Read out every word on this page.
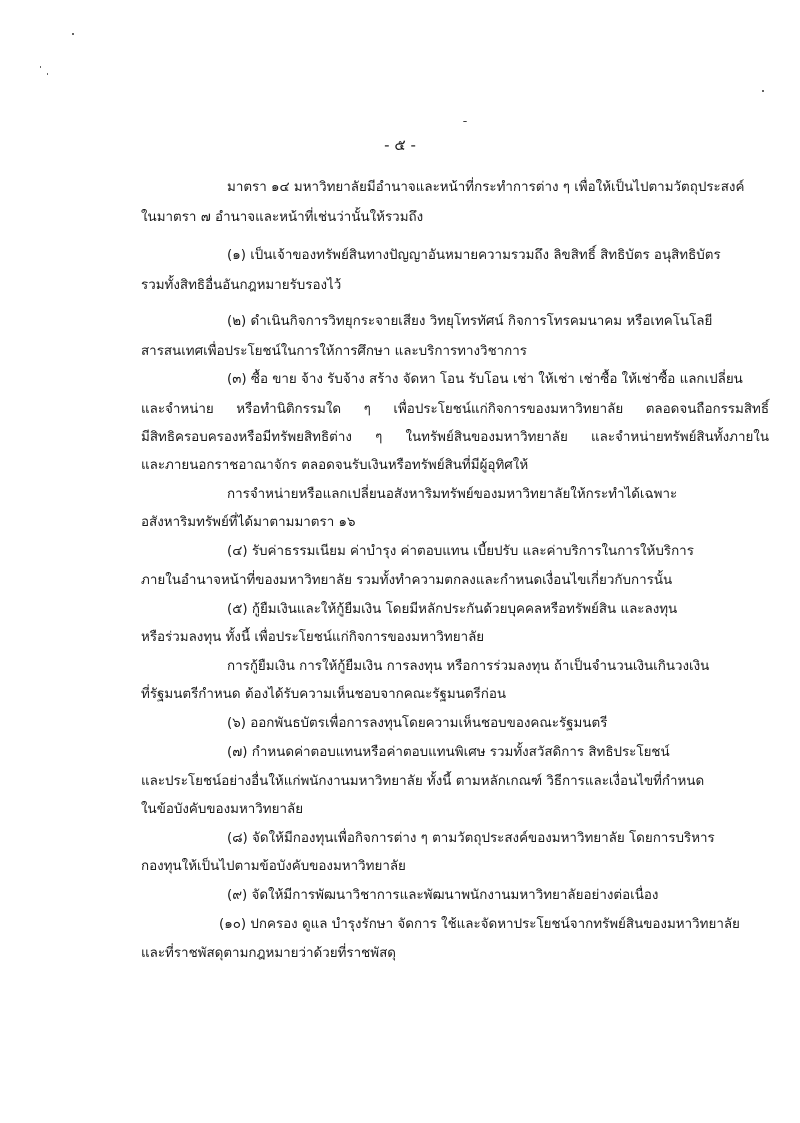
- ๕ -
มาตรา ๑๔ มหาวิทยาลัยมีอำนาจและหน้าที่กระทำการต่าง ๆ เพื่อให้เป็นไปตามวัตถุประสงค์
ในมาตรา ๗ อำนาจและหน้าที่เช่นว่านั้นให้รวมถึง
(๑) เป็นเจ้าของทรัพย์สินทางปัญญาอันหมายความรวมถึง ลิขสิทธิ์ สิทธิบัตร อนุสิทธิบัตร
รวมทั้งสิทธิอื่นอันกฎหมายรับรองไว้
(๒) ดำเนินกิจการวิทยุกระจายเสียง วิทยุโทรทัศน์ กิจการโทรคมนาคม หรือเทคโนโลยี
สารสนเทศเพื่อประโยชน์ในการให้การศึกษา และบริการทางวิชาการ
(๓) ซื้อ ขาย จ้าง รับจ้าง สร้าง จัดหา โอน รับโอน เช่า ให้เช่า เช่าซื้อ ให้เช่าซื้อ แลกเปลี่ยน
และจำหน่าย หรือทำนิติกรรมใด ๆ เพื่อประโยชน์แก่กิจการของมหาวิทยาลัย ตลอดจนถือกรรมสิทธิ์
มีสิทธิครอบครองหรือมีทรัพยสิทธิต่าง ๆ ในทรัพย์สินของมหาวิทยาลัย และจำหน่ายทรัพย์สินทั้งภายใน
และภายนอกราชอาณาจักร ตลอดจนรับเงินหรือทรัพย์สินที่มีผู้อุทิศให้
การจำหน่ายหรือแลกเปลี่ยนอสังหาริมทรัพย์ของมหาวิทยาลัยให้กระทำได้เฉพาะ
อสังหาริมทรัพย์ที่ได้มาตามมาตรา ๑๖
(๔) รับค่าธรรมเนียม ค่าบำรุง ค่าตอบแทน เบี้ยปรับ และค่าบริการในการให้บริการ
ภายในอำนาจหน้าที่ของมหาวิทยาลัย รวมทั้งทำความตกลงและกำหนดเงื่อนไขเกี่ยวกับการนั้น
(๕) กู้ยืมเงินและให้กู้ยืมเงิน โดยมีหลักประกันด้วยบุคคลหรือทรัพย์สิน และลงทุน
หรือร่วมลงทุน ทั้งนี้ เพื่อประโยชน์แก่กิจการของมหาวิทยาลัย
การกู้ยืมเงิน การให้กู้ยืมเงิน การลงทุน หรือการร่วมลงทุน ถ้าเป็นจำนวนเงินเกินวงเงิน
ที่รัฐมนตรีกำหนด ต้องได้รับความเห็นชอบจากคณะรัฐมนตรีก่อน
(๖) ออกพันธบัตรเพื่อการลงทุนโดยความเห็นชอบของคณะรัฐมนตรี
(๗) กำหนดค่าตอบแทนหรือค่าตอบแทนพิเศษ รวมทั้งสวัสดิการ สิทธิประโยชน์
และประโยชน์อย่างอื่นให้แก่พนักงานมหาวิทยาลัย ทั้งนี้ ตามหลักเกณฑ์ วิธีการและเงื่อนไขที่กำหนด
ในข้อบังคับของมหาวิทยาลัย
(๘) จัดให้มีกองทุนเพื่อกิจการต่าง ๆ ตามวัตถุประสงค์ของมหาวิทยาลัย โดยการบริหาร
กองทุนให้เป็นไปตามข้อบังคับของมหาวิทยาลัย
(๙) จัดให้มีการพัฒนาวิชาการและพัฒนาพนักงานมหาวิทยาลัยอย่างต่อเนื่อง
(๑๐) ปกครอง ดูแล บำรุงรักษา จัดการ ใช้และจัดหาประโยชน์จากทรัพย์สินของมหาวิทยาลัย
และที่ราชพัสดุตามกฎหมายว่าด้วยที่ราชพัสดุ
